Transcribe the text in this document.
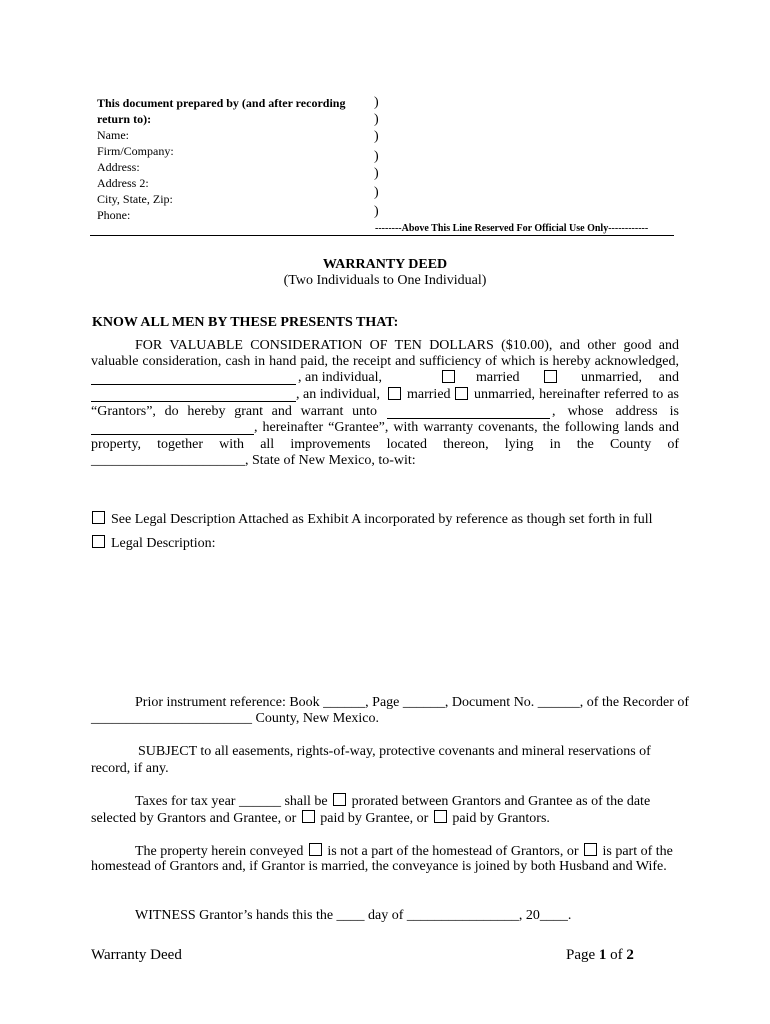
This document prepared by (and after recording
return to):
Name:
Firm/Company:
Address:
Address 2:
City, State, Zip:
Phone:
)
)
)
)
)
)
)
--------Above This Line Reserved For Official Use Only------------
WARRANTY DEED
(Two Individuals to One Individual)
KNOW ALL MEN BY THESE PRESENTS THAT:
FOR VALUABLE CONSIDERATION OF TEN DOLLARS ($10.00), and other good and
valuable consideration, cash in hand paid, the receipt and sufficiency of which is hereby acknowledged,
, an individual,	married	unmarried, and
, an individual, married unmarried, hereinafter referred to as
“Grantors”, do hereby grant and warrant unto	, whose address is
, hereinafter “Grantee”, with warranty covenants, the following lands and
property, together with all improvements located thereon, lying in the County of
______________________, State of New Mexico, to-wit:
See Legal Description Attached as Exhibit A incorporated by reference as though set forth in full
Legal Description:
Prior instrument reference: Book ______, Page ______, Document No. ______, of the Recorder of
_______________________ County, New Mexico.
SUBJECT to all easements, rights-of-way, protective covenants and mineral reservations of
record, if any.
Taxes for tax year ______ shall be prorated between Grantors and Grantee as of the date
selected by Grantors and Grantee, or paid by Grantee, or paid by Grantors.
The property herein conveyed is not a part of the homestead of Grantors, or is part of the
homestead of Grantors and, if Grantor is married, the conveyance is joined by both Husband and Wife.
WITNESS Grantor’s hands this the ____ day of ________________, 20____.
Warranty Deed	Page 1 of 2
